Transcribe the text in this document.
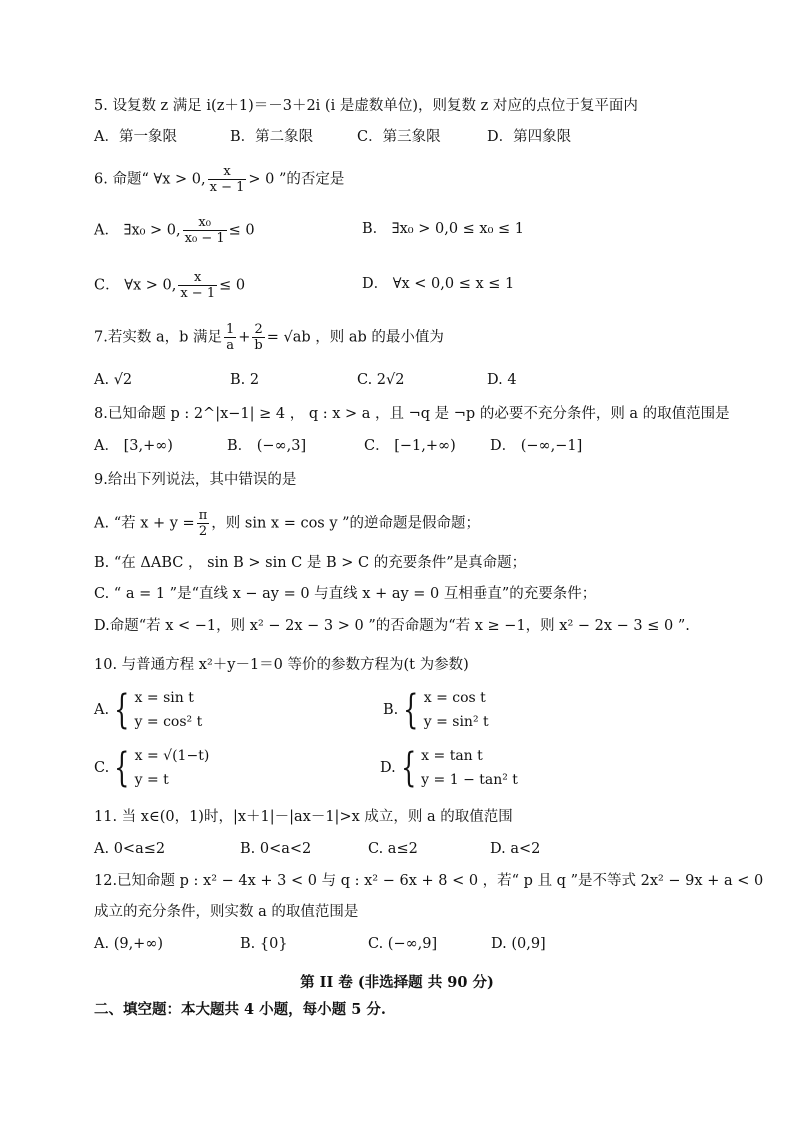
5. 设复数 z 满足 i(z＋1)＝－3＋2i (i 是虚数单位)，则复数 z 对应的点位于复平面内
A．第一象限	B．第二象限	C．第三象限	D．第四象限
6. 命题“ ∀x > 0, $\frac{x}{x - 1} > 0$ ”的否定是
A． ∃x₀ > 0, $\frac{\text{x₀}}{\text{x₀ − 1}} \le 0$	B． ∃x₀ > 0,0 ≤ x₀ ≤ 1
C． ∀x > 0, $\frac{x}{x - 1} \le 0$	D． ∀x < 0,0 ≤ x ≤ 1
7.若实数 a，b 满足 $\frac{1}{a} + \frac{2}{b} = √ab$ ，则 ab 的最小值为
A. √2	B. 2	C. 2√2	D. 4
8.已知命题 p : 2^|x−1| ≥ 4 ， q : x > a ，且 ¬q 是 ¬p 的必要不充分条件，则 a 的取值范围是
A． [3,+∞)	B． (−∞,3]	C． [−1,+∞) D． (−∞,−1]
9.给出下列说法，其中错误的是
A. “若 $x + y = \frac{\pi}{2}$ ，则 sin x = cos y ”的逆命题是假命题；
B. “在 ΔABC ， sin B > sin C 是 B > C 的充要条件”是真命题；
C. “ a = 1 ”是“直线 x − ay = 0 与直线 x + ay = 0 互相垂直”的充要条件；
D.命题“若 x < −1，则 x² − 2x − 3 > 0 ”的否命题为“若 x ≥ −1，则 x² − 2x − 3 ≤ 0 ”.
10. 与普通方程 x²＋y－1＝0 等价的参数方程为(t 为参数)
A. { x = sin t
y = cos² t
B. { x = cos t
y = sin² t
C. { x = √(1−t)
y = t
D. { x = tan t
y = 1 − tan² t
11. 当 x∈(0，1)时，|x＋1|－|ax－1|>x 成立，则 a 的取值范围
A. 0<a≤2	B. 0<a<2	C. a≤2	D. a<2
12.已知命题 p : x² − 4x + 3 < 0 与 q : x² − 6x + 8 < 0 ，若“ p 且 q ”是不等式 2x² − 9x + a < 0
成立的充分条件，则实数 a 的取值范围是
A. (9,+∞)	B. {0}	C. (−∞,9]	D. (0,9]
第 II 卷 (非选择题 共 90 分)
二、填空题：本大题共 4 小题，每小题 5 分.
